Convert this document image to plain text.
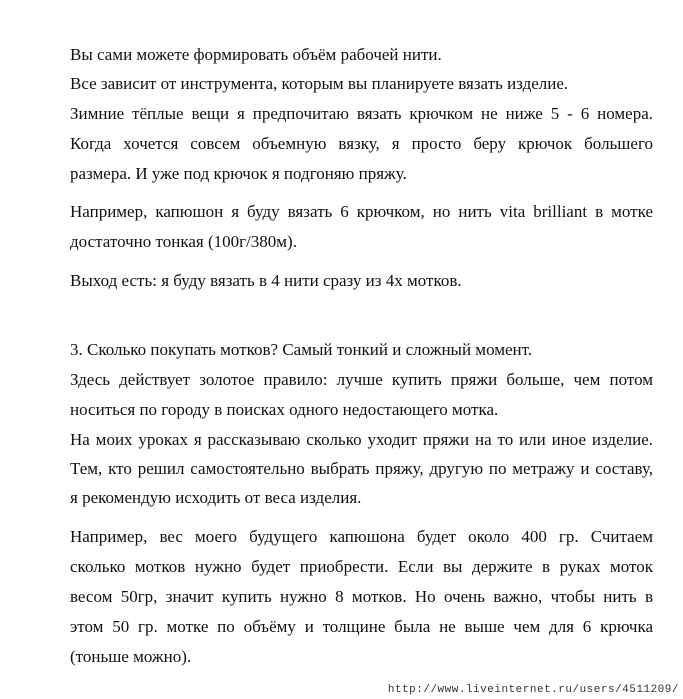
Вы сами можете формировать объём рабочей нити.
Все зависит от инструмента, которым вы планируете вязать изделие.
Зимние тёплые вещи я предпочитаю вязать крючком не ниже 5 - 6 номера.
Когда хочется совсем объемную вязку, я просто беру крючок большего
размера. И уже под крючок я подгоняю пряжу.
Например, капюшон я буду вязать 6 крючком, но нить vita brilliant в мотке
достаточно тонкая (100г/380м).
Выход есть: я буду вязать в 4 нити сразу из 4х мотков.
3. Сколько покупать мотков? Самый тонкий и сложный момент.
Здесь действует золотое правило: лучше купить пряжи больше, чем потом
носиться по городу в поисках одного недостающего мотка.
На моих уроках я рассказываю сколько уходит пряжи на то или иное изделие.
Тем, кто решил самостоятельно выбрать пряжу, другую по метражу и составу,
я рекомендую исходить от веса изделия.
Например, вес моего будущего капюшона будет около 400 гр. Считаем
сколько мотков нужно будет приобрести. Если вы держите в руках моток
весом 50гр, значит купить нужно 8 мотков. Но очень важно, чтобы нить в
этом 50 гр. мотке по объёму и толщине была не выше чем для 6 крючка
(тоньше можно).
http://www.liveinternet.ru/users/4511209/
